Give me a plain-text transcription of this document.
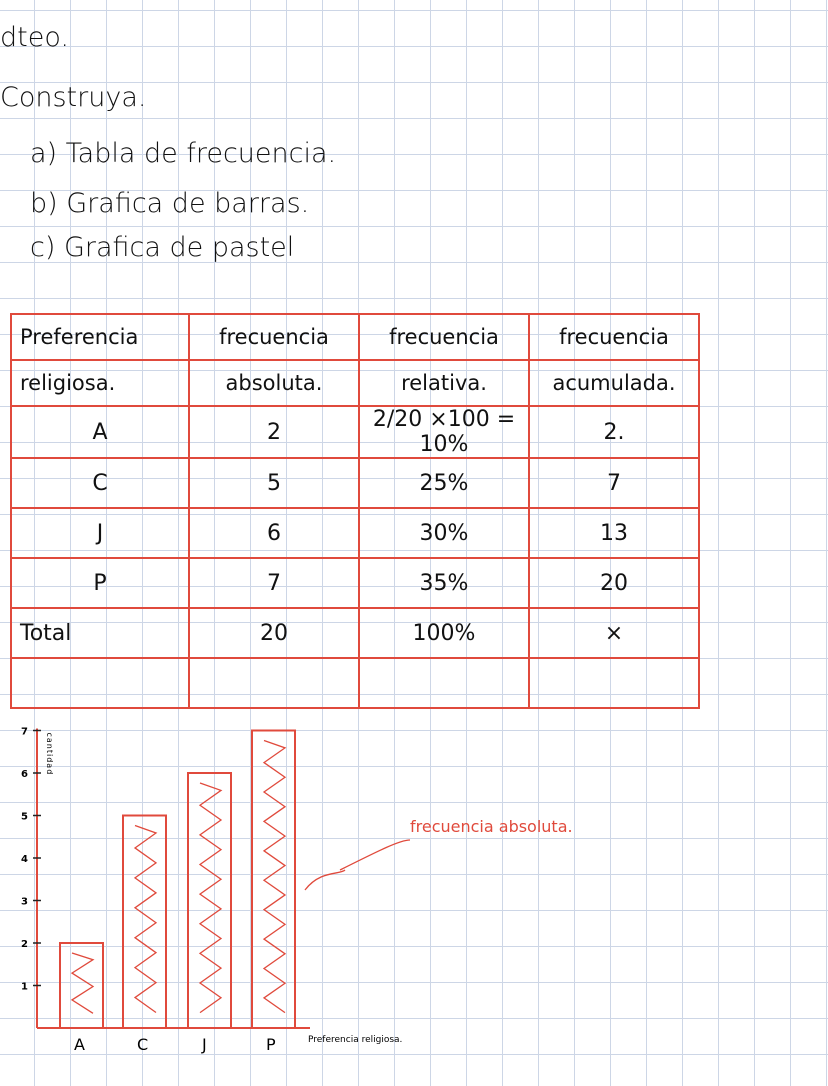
dteo.
Construya.
a) Tabla de frecuencia.
b) Grafica de barras.
c) Grafica de pastel
Preferencia	frecuencia	frecuencia	frecuencia
religiosa.	absoluta.	relativa.	acumulada.
A	2	2/20 ×100 = 10%	2.
C	5	25%	7
J	6	30%	13
P	7	35%	20
Total	20	100%	×

1
2
3
4
5
6
7
cantidad
A	C	J	P	Preferencia religiosa.
frecuencia absoluta.
